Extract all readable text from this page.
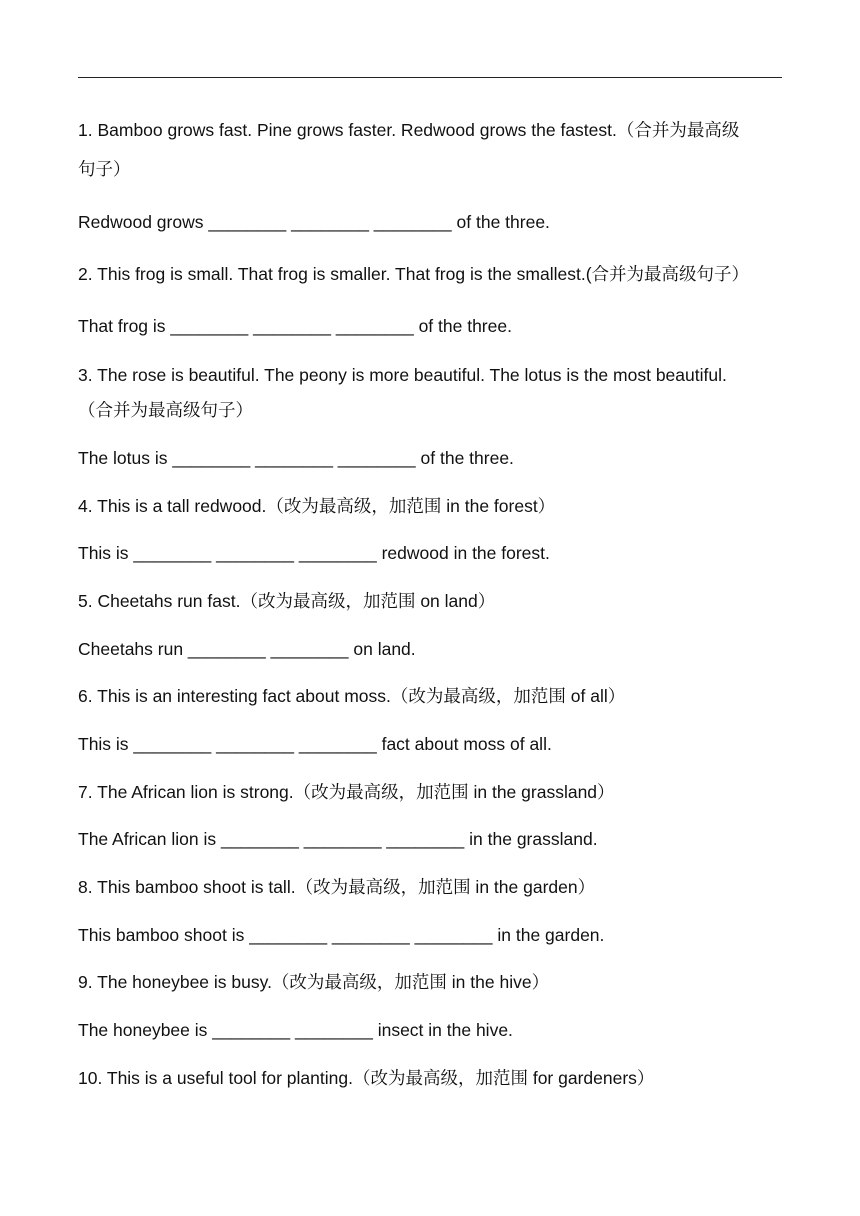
1. Bamboo grows fast. Pine grows faster. Redwood grows the fastest.（合并为最高级
句子）
Redwood grows ________ ________ ________ of the three.
2. This frog is small. That frog is smaller. That frog is the smallest.(合并为最高级句子）
That frog is ________ ________ ________ of the three.
3. The rose is beautiful. The peony is more beautiful. The lotus is the most beautiful.
（合并为最高级句子）
The lotus is ________ ________ ________ of the three.
4. This is a tall redwood.（改为最高级，加范围 in the forest）
This is ________ ________ ________ redwood in the forest.
5. Cheetahs run fast.（改为最高级，加范围 on land）
Cheetahs run ________ ________ on land.
6. This is an interesting fact about moss.（改为最高级，加范围 of all）
This is ________ ________ ________ fact about moss of all.
7. The African lion is strong.（改为最高级，加范围 in the grassland）
The African lion is ________ ________ ________ in the grassland.
8. This bamboo shoot is tall.（改为最高级，加范围 in the garden）
This bamboo shoot is ________ ________ ________ in the garden.
9. The honeybee is busy.（改为最高级，加范围 in the hive）
The honeybee is ________ ________ insect in the hive.
10. This is a useful tool for planting.（改为最高级，加范围 for gardeners）
